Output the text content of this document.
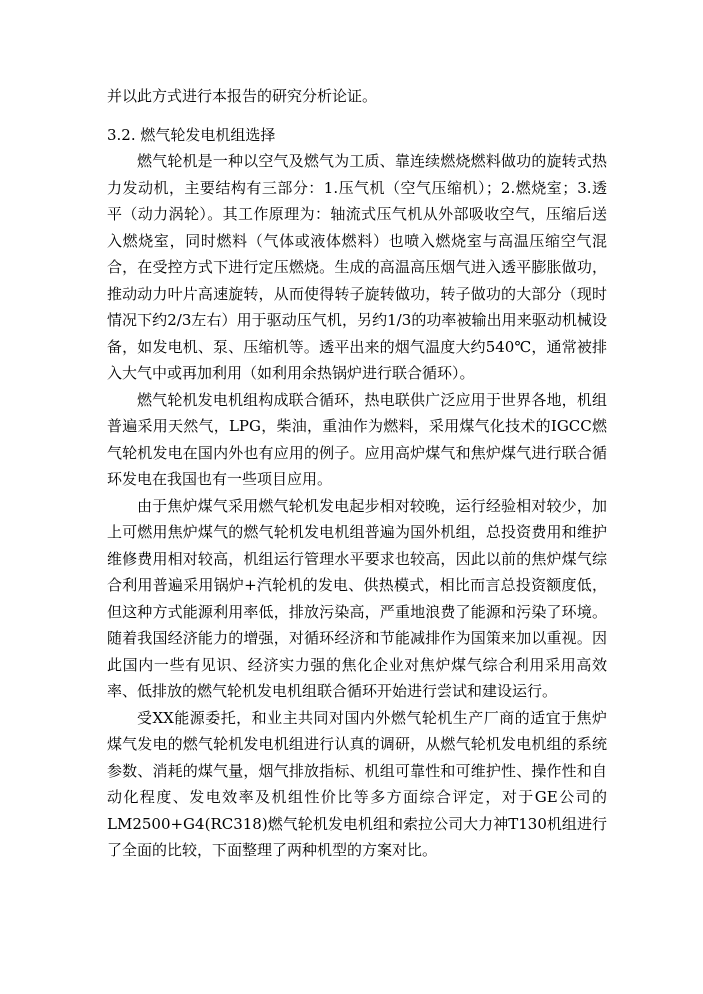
并以此方式进行本报告的研究分析论证。

3.2. 燃气轮发电机组选择

燃气轮机是一种以空气及燃气为工质、靠连续燃烧燃料做功的旋转式热力发动机，主要结构有三部分：1.压气机（空气压缩机）；2.燃烧室；3.透平（动力涡轮）。其工作原理为：轴流式压气机从外部吸收空气，压缩后送入燃烧室，同时燃料（气体或液体燃料）也喷入燃烧室与高温压缩空气混合，在受控方式下进行定压燃烧。生成的高温高压烟气进入透平膨胀做功，推动动力叶片高速旋转，从而使得转子旋转做功，转子做功的大部分（现时情况下约2/3左右）用于驱动压气机，另约1/3的功率被输出用来驱动机械设备，如发电机、泵、压缩机等。透平出来的烟气温度大约540℃，通常被排入大气中或再加利用（如利用余热锅炉进行联合循环）。

燃气轮机发电机组构成联合循环，热电联供广泛应用于世界各地，机组普遍采用天然气，LPG，柴油，重油作为燃料，采用煤气化技术的IGCC燃气轮机发电在国内外也有应用的例子。应用高炉煤气和焦炉煤气进行联合循环发电在我国也有一些项目应用。

由于焦炉煤气采用燃气轮机发电起步相对较晚，运行经验相对较少，加上可燃用焦炉煤气的燃气轮机发电机组普遍为国外机组，总投资费用和维护维修费用相对较高，机组运行管理水平要求也较高，因此以前的焦炉煤气综合利用普遍采用锅炉+汽轮机的发电、供热模式，相比而言总投资额度低，但这种方式能源利用率低，排放污染高，严重地浪费了能源和污染了环境。随着我国经济能力的增强，对循环经济和节能减排作为国策来加以重视。因此国内一些有见识、经济实力强的焦化企业对焦炉煤气综合利用采用高效率、低排放的燃气轮机发电机组联合循环开始进行尝试和建设运行。

受XX能源委托，和业主共同对国内外燃气轮机生产厂商的适宜于焦炉煤气发电的燃气轮机发电机组进行认真的调研，从燃气轮机发电机组的系统参数、消耗的煤气量，烟气排放指标、机组可靠性和可维护性、操作性和自动化程度、发电效率及机组性价比等多方面综合评定，对于GE公司的LM2500+G4(RC318)燃气轮机发电机组和索拉公司大力神T130机组进行了全面的比较，下面整理了两种机型的方案对比。
